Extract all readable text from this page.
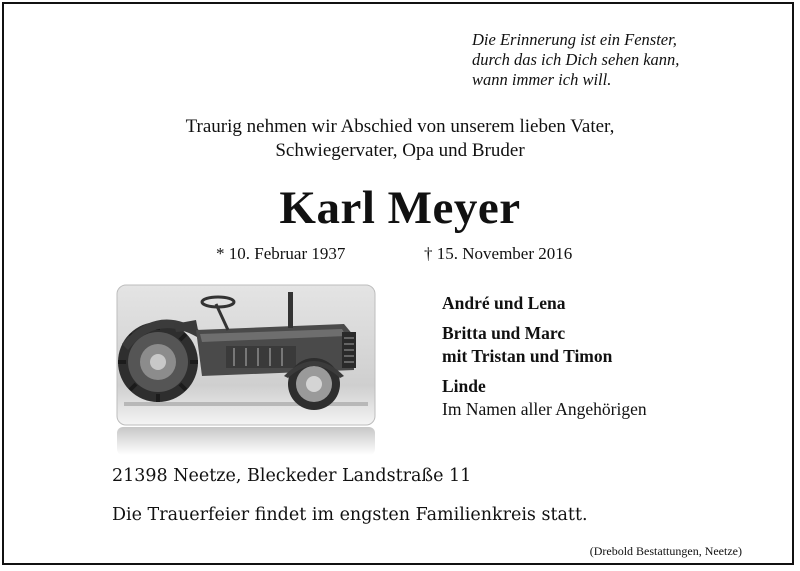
Die Erinnerung ist ein Fenster,
durch das ich Dich sehen kann,
wann immer ich will.
Traurig nehmen wir Abschied von unserem lieben Vater,
Schwiegervater, Opa und Bruder
Karl Meyer
* 10. Februar 1937	† 15. November 2016
André und Lena
Britta und Marc
mit Tristan und Timon
Linde
Im Namen aller Angehörigen
21398 Neetze, Bleckeder Landstraße 11
Die Trauerfeier findet im engsten Familienkreis statt.
(Drebold Bestattungen, Neetze)
